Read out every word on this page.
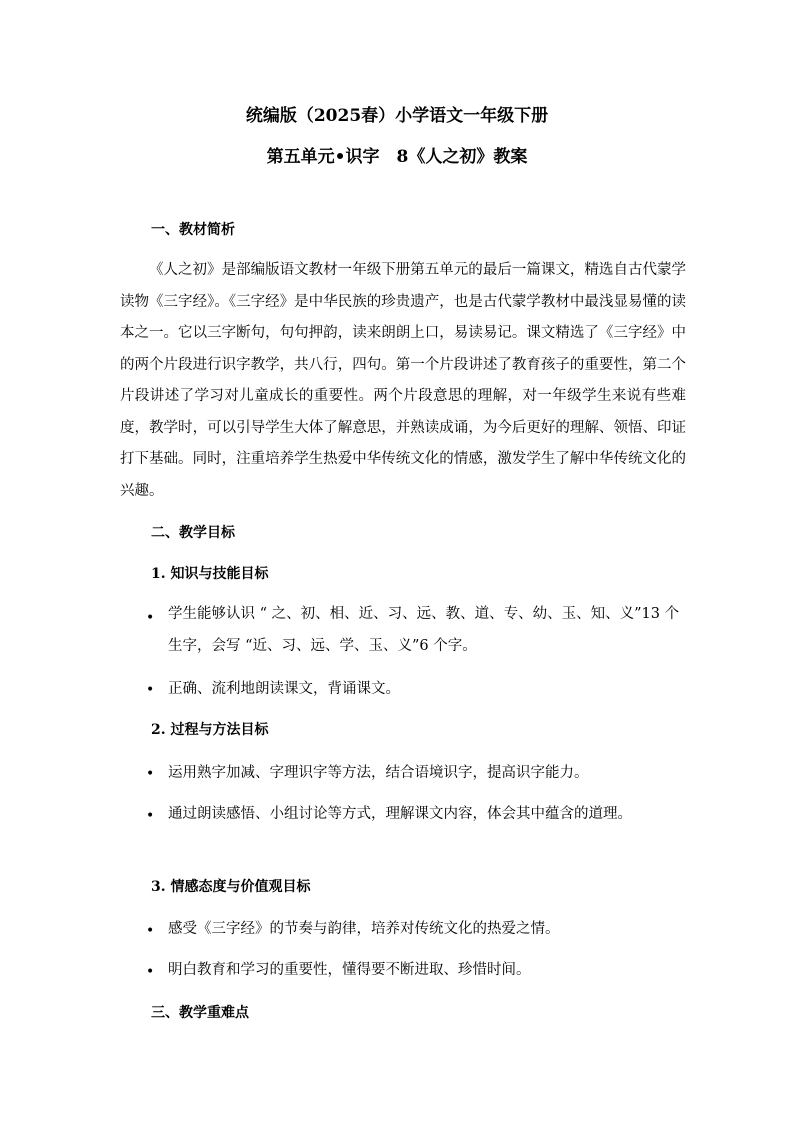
统编版（2025春）小学语文一年级下册
第五单元•识字　8《人之初》教案
一、教材简析
《人之初》是部编版语文教材一年级下册第五单元的最后一篇课文，精选自古代蒙学读物《三字经》。《三字经》是中华民族的珍贵遗产，也是古代蒙学教材中最浅显易懂的读本之一。它以三字断句，句句押韵，读来朗朗上口，易读易记。课文精选了《三字经》中的两个片段进行识字教学，共八行，四句。第一个片段讲述了教育孩子的重要性，第二个片段讲述了学习对儿童成长的重要性。两个片段意思的理解，对一年级学生来说有些难度，教学时，可以引导学生大体了解意思，并熟读成诵，为今后更好的理解、领悟、印证打下基础。同时，注重培养学生热爱中华传统文化的情感，激发学生了解中华传统文化的兴趣。
二、教学目标
1. 知识与技能目标
• 学生能够认识 “ 之、初、相、近、习、远、教、道、专、幼、玉、知、义”13 个生字，会写 “近、习、远、学、玉、义”6 个字。
• 正确、流利地朗读课文，背诵课文。
2. 过程与方法目标
• 运用熟字加减、字理识字等方法，结合语境识字，提高识字能力。
• 通过朗读感悟、小组讨论等方式，理解课文内容，体会其中蕴含的道理。
3. 情感态度与价值观目标
• 感受《三字经》的节奏与韵律，培养对传统文化的热爱之情。
• 明白教育和学习的重要性，懂得要不断进取、珍惜时间。
三、教学重难点
